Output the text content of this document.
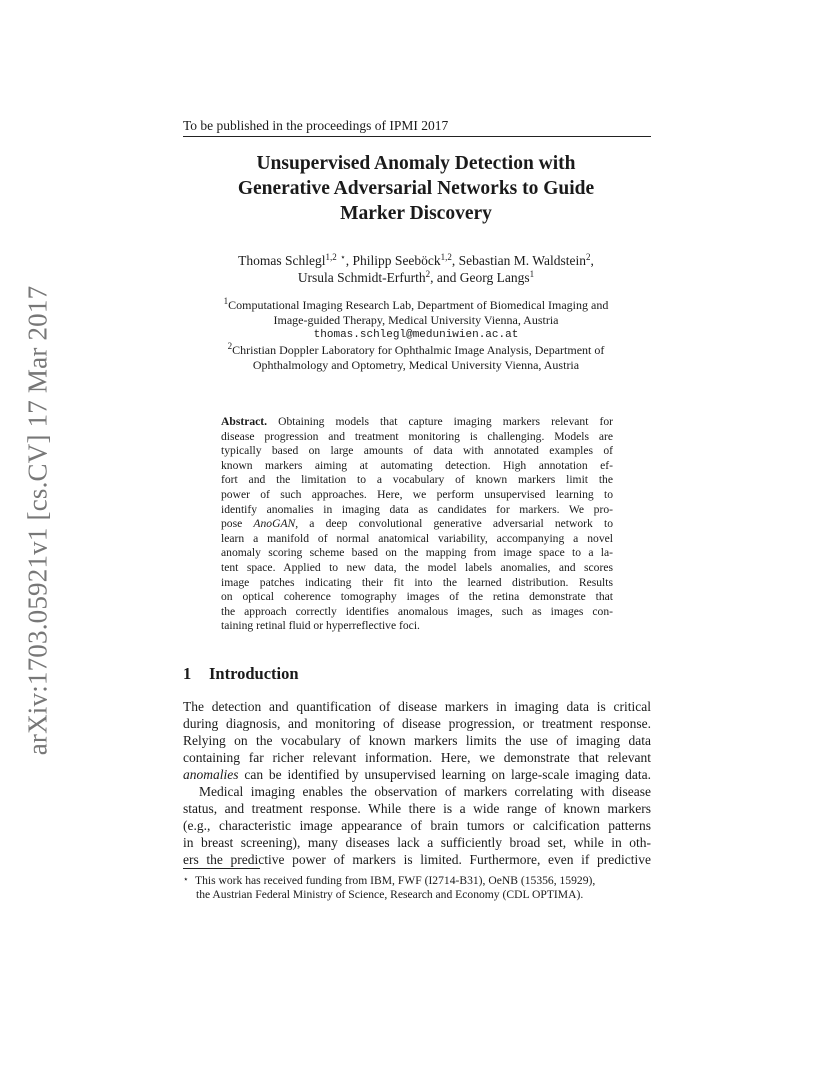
arXiv:1703.05921v1 [cs.CV] 17 Mar 2017
To be published in the proceedings of IPMI 2017
Unsupervised Anomaly Detection with
Generative Adversarial Networks to Guide
Marker Discovery
Thomas Schlegl$^{1,2}$ ⋆, Philipp Seeböck$^{1,2}$, Sebastian M. Waldstein$^2$,
Ursula Schmidt-Erfurth$^2$, and Georg Langs$^1$
$^1$Computational Imaging Research Lab, Department of Biomedical Imaging and
Image-guided Therapy, Medical University Vienna, Austria
thomas.schlegl@meduniwien.ac.at
$^2$Christian Doppler Laboratory for Ophthalmic Image Analysis, Department of
Ophthalmology and Optometry, Medical University Vienna, Austria
Abstract. Obtaining models that capture imaging markers relevant for
disease progression and treatment monitoring is challenging. Models are
typically based on large amounts of data with annotated examples of
known markers aiming at automating detection. High annotation ef-
fort and the limitation to a vocabulary of known markers limit the
power of such approaches. Here, we perform unsupervised learning to
identify anomalies in imaging data as candidates for markers. We pro-
pose AnoGAN, a deep convolutional generative adversarial network to
learn a manifold of normal anatomical variability, accompanying a novel
anomaly scoring scheme based on the mapping from image space to a la-
tent space. Applied to new data, the model labels anomalies, and scores
image patches indicating their fit into the learned distribution. Results
on optical coherence tomography images of the retina demonstrate that
the approach correctly identifies anomalous images, such as images con-
taining retinal fluid or hyperreflective foci.
1 Introduction
The detection and quantification of disease markers in imaging data is critical
during diagnosis, and monitoring of disease progression, or treatment response.
Relying on the vocabulary of known markers limits the use of imaging data
containing far richer relevant information. Here, we demonstrate that relevant
anomalies can be identified by unsupervised learning on large-scale imaging data.
Medical imaging enables the observation of markers correlating with disease
status, and treatment response. While there is a wide range of known markers
(e.g., characteristic image appearance of brain tumors or calcification patterns
in breast screening), many diseases lack a sufficiently broad set, while in oth-
ers the predictive power of markers is limited. Furthermore, even if predictive
⋆ This work has received funding from IBM, FWF (I2714-B31), OeNB (15356, 15929),
the Austrian Federal Ministry of Science, Research and Economy (CDL OPTIMA).
